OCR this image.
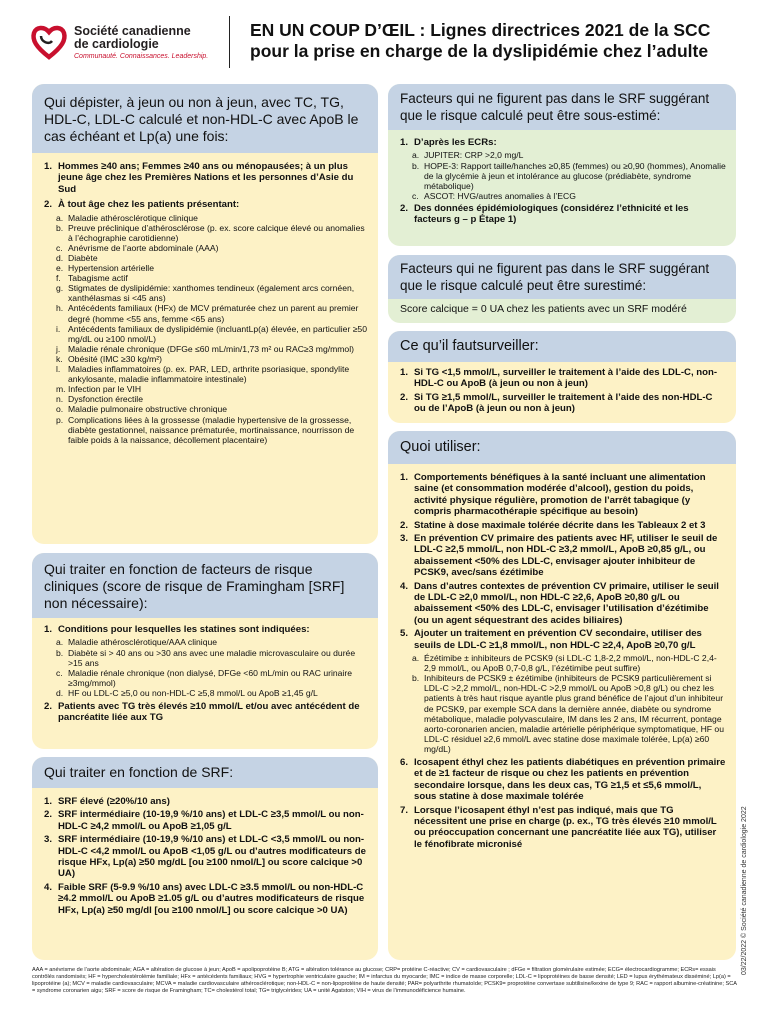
Société canadienne
de cardiologie
Communauté. Connaissances. Leadership.
EN UN COUP D’ŒIL : Lignes directrices 2021 de la SCC
pour la prise en charge de la dyslipidémie chez l’adulte
Qui dépister, à jeun ou non à jeun, avec TC, TG, HDL-C, LDL-C calculé et non-HDL-C avec ApoB le cas échéant et Lp(a) une fois:
1. Hommes ≥40 ans; Femmes ≥40 ans ou ménopausées; à un plus jeune âge chez les Premières Nations et les personnes d’Asie du Sud
2. À tout âge chez les patients présentant:
a. Maladie athérosclérotique clinique
b. Preuve préclinique d’athérosclérose (p. ex. score calcique élevé ou anomalies à l’échographie carotidienne)
c. Anévrisme de l’aorte abdominale (AAA)
d. Diabète
e. Hypertension artérielle
f. Tabagisme actif
g. Stigmates de dyslipidémie: xanthomes tendineux (également arcs cornéen, xanthélasmas si <45 ans)
h. Antécédents familiaux (HFx) de MCV prématurée chez un parent au premier degré (homme <55 ans, femme <65 ans)
i. Antécédents familiaux de dyslipidémie (incluantLp(a) élevée, en particulier ≥50 mg/dL ou ≥100 nmol/L)
j. Maladie rénale chronique (DFGe ≤60 mL/min/1,73 m² ou RAC≥3 mg/mmol)
k. Obésité (IMC ≥30 kg/m²)
l. Maladies inflammatoires (p. ex. PAR, LED, arthrite psoriasique, spondylite ankylosante, maladie inflammatoire intestinale)
m. Infection par le VIH
n. Dysfonction érectile
o. Maladie pulmonaire obstructive chronique
p. Complications liées à la grossesse (maladie hypertensive de la grossesse, diabète gestationnel, naissance prématurée, mortinaissance, nourrisson de faible poids à la naissance, décollement placentaire)
Qui traiter en fonction de facteurs de risque cliniques (score de risque de Framingham [SRF] non nécessaire):
1. Conditions pour lesquelles les statines sont indiquées:
a. Maladie athérosclérotique/AAA clinique
b. Diabète si > 40 ans ou >30 ans avec une maladie microvasculaire ou durée >15 ans
c. Maladie rénale chronique (non dialysé, DFGe <60 mL/min ou RAC urinaire ≥3mg/mmol)
d. HF ou LDL-C ≥5,0 ou non-HDL-C ≥5,8 mmol/L ou ApoB ≥1,45 g/L
2. Patients avec TG très élevés ≥10 mmol/L et/ou avec antécédent de pancréatite liée aux TG
Qui traiter en fonction de SRF:
1. SRF élevé (≥20%/10 ans)
2. SRF intermédiaire (10-19,9 %/10 ans) et LDL-C ≥3,5 mmol/L ou non-HDL-C ≥4,2 mmol/L ou ApoB ≥1,05 g/L
3. SRF intermédiaire (10-19,9 %/10 ans) et LDL-C <3,5 mmol/L ou non-HDL-C <4,2 mmol/L ou ApoB <1,05 g/L ou d’autres modificateurs de risque HFx, Lp(a) ≥50 mg/dL [ou ≥100 nmol/L] ou score calcique >0 UA)
4. Faible SRF (5-9.9 %/10 ans) avec LDL-C ≥3.5 mmol/L ou non-HDL-C ≥4.2 mmol/L ou ApoB ≥1.05 g/L ou d’autres modificateurs de risque HFx, Lp(a) ≥50 mg/dl [ou ≥100 nmol/L] ou score calcique >0 UA)
Facteurs qui ne figurent pas dans le SRF suggérant que le risque calculé peut être sous-estimé:
1. D’après les ECRs:
a. JUPITER: CRP >2,0 mg/L
b. HOPE-3: Rapport taille/hanches ≥0,85 (femmes) ou ≥0,90 (hommes), Anomalie de la glycémie à jeun et intolérance au glucose (prédiabète, syndrome métabolique)
c. ASCOT: HVG/autres anomalies à l’ECG
2. Des données épidémiologiques (considérez l’ethnicité et les facteurs g – p Étape 1)
Facteurs qui ne figurent pas dans le SRF suggérant que le risque calculé peut être surestimé:
Score calcique = 0 UA chez les patients avec un SRF modéré
Ce qu’il fautsurveiller:
1. Si TG <1,5 mmol/L, surveiller le traitement à l’aide des LDL-C, non-HDL-C ou ApoB (à jeun ou non à jeun)
2. Si TG ≥1,5 mmol/L, surveiller le traitement à l’aide des non-HDL-C ou de l’ApoB (à jeun ou non à jeun)
Quoi utiliser:
1. Comportements bénéfiques à la santé incluant une alimentation saine (et consommation modérée d’alcool), gestion du poids, activité physique régulière, promotion de l’arrêt tabagique (y compris pharmacothérapie spécifique au besoin)
2. Statine à dose maximale tolérée décrite dans les Tableaux 2 et 3
3. En prévention CV primaire des patients avec HF, utiliser le seuil de LDL-C ≥2,5 mmol/L, non HDL-C ≥3,2 mmol/L, ApoB ≥0,85 g/L, ou abaissement <50% des LDL-C, envisager ajouter inhibiteur de PCSK9, avec/sans ézétimibe
4. Dans d’autres contextes de prévention CV primaire, utiliser le seuil de LDL-C ≥2,0 mmol/L, non HDL-C ≥2,6, ApoB ≥0,80 g/L ou abaissement <50% des LDL-C, envisager l’utilisation d’ézétimibe (ou un agent séquestrant des acides biliaires)
5. Ajouter un traitement en prévention CV secondaire, utiliser des seuils de LDL-C ≥1,8 mmol/L, non HDL-C ≥2,4, ApoB ≥0,70 g/L
a. Ézétimibe ± inhibiteurs de PCSK9 (si LDL-C 1,8-2,2 mmol/L, non-HDL-C 2,4-2,9 mmol/L, ou ApoB 0,7-0,8 g/L, l’ézétimibe peut suffire)
b. Inhibiteurs de PCSK9 ± ézétimibe (inhibiteurs de PCSK9 particulièrement si LDL-C >2,2 mmol/L, non-HDL-C >2,9 mmol/L ou ApoB >0,8 g/L) ou chez les patients à très haut risque ayantle plus grand bénéfice de l’ajout d’un inhibiteur de PCSK9, par exemple SCA dans la dernière année, diabète ou syndrome métabolique, maladie polyvasculaire, IM dans les 2 ans, IM récurrent, pontage aorto-coronarien ancien, maladie artérielle périphérique symptomatique, HF ou LDL-C résiduel ≥2,6 mmol/L avec statine dose maximale tolérée, Lp(a) ≥60 mg/dL)
6. Icosapent éthyl chez les patients diabétiques en prévention primaire et de ≥1 facteur de risque ou chez les patients en prévention secondaire lorsque, dans les deux cas, TG ≥1,5 et ≤5,6 mmol/L, sous statine à dose maximale tolérée
7. Lorsque l’icosapent éthyl n’est pas indiqué, mais que TG nécessitent une prise en charge (p. ex., TG très élevés ≥10 mmol/L ou préoccupation concernant une pancréatite liée aux TG), utiliser le fénofibrate micronisé
AAA = anévrisme de l’aorte abdominale; AGA = altération de glucose à jeun; ApoB = apolipoprotéine B; ATG = altération tolérance au glucose; CRP= protéine C-réactive; CV = cardiovasculaire ; dFGe = filtration glomérulaire estimée; ECG= électrocardiogramme; ECRs= essais contrôlés randomisés; HF = hypercholestérolémie familiale; HFx = antécédents familiaux; HVG = hypertrophie ventriculaire gauche; IM = infarctus du myocarde; IMC = indice de masse corporelle; LDL-C = lipoprotéines de basse densité; LED = lupus érythémateux disséminé; Lp(a) = lipoprotéine (a); MCV = maladie cardiovasculaire; MCVA = maladie cardiovasculaire athérosclérotique; non-HDL-C = non-lipoprotéine de haute densité; PAR= polyarthrite rhumatoïde; PCSK9= proprotéine convertase subtilisine/kexine de type 9; RAC = rapport albumine-créatinine; SCA = syndrome coronarien aigu; SRF = score de risque de Framingham; TC= cholestérol total; TG= triglycérides; UA = unité Agatston; VIH = virus de l’immunodéficience humaine.
03/22/2022 © Société canadienne de cardiologie 2022
